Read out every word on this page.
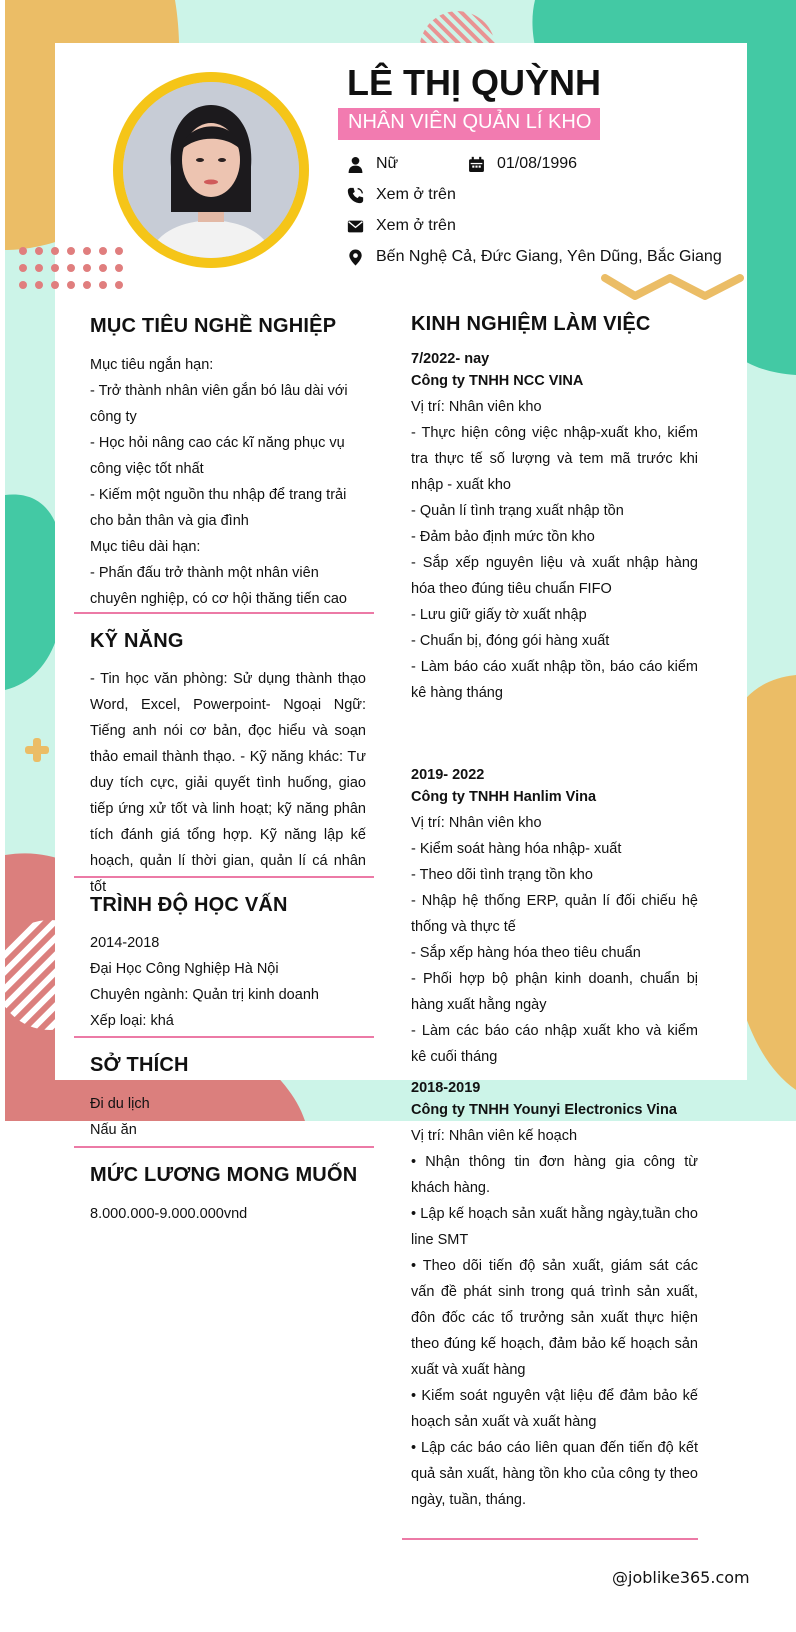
LÊ THỊ QUỲNH
NHÂN VIÊN QUẢN LÍ KHO
Nữ	01/08/1996
Xem ở trên
Xem ở trên
Bến Nghệ Cả, Đức Giang, Yên Dũng, Bắc Giang
MỤC TIÊU NGHỀ NGHIỆP
Mục tiêu ngắn hạn:
- Trở thành nhân viên gắn bó lâu dài với công ty
- Học hỏi nâng cao các kĩ năng phục vụ công việc tốt nhất
- Kiếm một nguồn thu nhập để trang trải cho bản thân và gia đình
Mục tiêu dài hạn:
- Phấn đấu trở thành một nhân viên chuyên nghiệp, có cơ hội thăng tiến cao
KỸ NĂNG
- Tin học văn phòng: Sử dụng thành thạo Word, Excel, Powerpoint- Ngoại Ngữ: Tiếng anh nói cơ bản, đọc hiểu và soạn thảo email thành thạo. - Kỹ năng khác: Tư duy tích cực, giải quyết tình huống, giao tiếp ứng xử tốt và linh hoạt; kỹ năng phân tích đánh giá tổng hợp. Kỹ năng lập kế hoạch, quản lí thời gian, quản lí cá nhân tốt
TRÌNH ĐỘ HỌC VẤN
2014-2018
Đại Học Công Nghiệp Hà Nội
Chuyên ngành: Quản trị kinh doanh
Xếp loại: khá
SỞ THÍCH
Đi du lịch
Nấu ăn
MỨC LƯƠNG MONG MUỐN
8.000.000-9.000.000vnd
KINH NGHIỆM LÀM VIỆC
7/2022- nay
Công ty TNHH NCC VINA
Vị trí: Nhân viên kho
- Thực hiện công việc nhập-xuất kho, kiểm tra thực tế số lượng và tem mã trước khi nhập - xuất kho
- Quản lí tình trạng xuất nhập tồn
- Đảm bảo định mức tồn kho
- Sắp xếp nguyên liệu và xuất nhập hàng hóa theo đúng tiêu chuẩn FIFO
- Lưu giữ giấy tờ xuất nhập
- Chuẩn bị, đóng gói hàng xuất
- Làm báo cáo xuất nhập tồn, báo cáo kiểm kê hàng tháng
2019- 2022
Công ty TNHH Hanlim Vina
Vị trí: Nhân viên kho
- Kiểm soát hàng hóa nhập- xuất
- Theo dõi tình trạng tồn kho
- Nhập hệ thống ERP, quản lí đối chiếu hệ thống và thực tế
- Sắp xếp hàng hóa theo tiêu chuẩn
- Phối hợp bộ phận kinh doanh, chuẩn bị hàng xuất hằng ngày
- Làm các báo cáo nhập xuất kho và kiểm kê cuối tháng
2018-2019
Công ty TNHH Younyi Electronics Vina
Vị trí: Nhân viên kế hoạch
• Nhận thông tin đơn hàng gia công từ khách hàng.
• Lập kế hoạch sản xuất hằng ngày,tuần cho line SMT
• Theo dõi tiến độ sản xuất, giám sát các vấn đề phát sinh trong quá trình sản xuất, đôn đốc các tổ trưởng sản xuất thực hiện theo đúng kế hoạch, đảm bảo kế hoạch sản xuất và xuất hàng
• Kiểm soát nguyên vật liệu để đảm bảo kế hoạch sản xuất và xuất hàng
• Lập các báo cáo liên quan đến tiến độ kết quả sản xuất, hàng tồn kho của công ty theo ngày, tuần, tháng.
@joblike365.com
